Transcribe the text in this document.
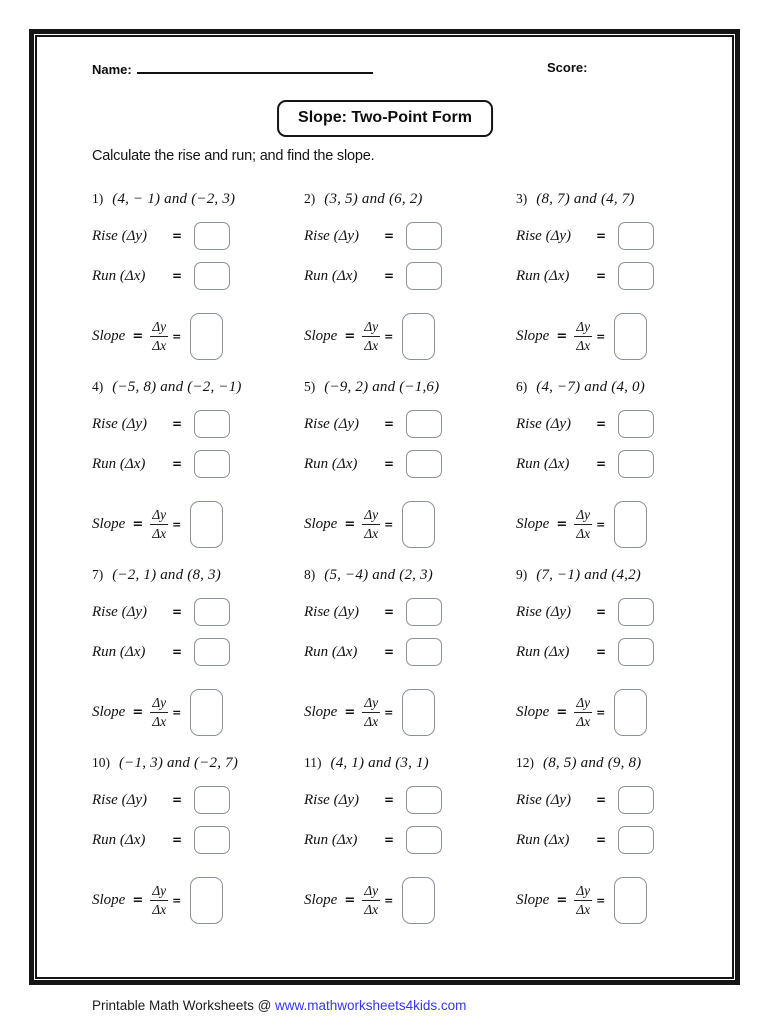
Name:	Score:
Slope: Two-Point Form
Calculate the rise and run; and find the slope.
1) (4, − 1) and (−2, 3)
Rise (Δy)	=
Run (Δx)	=
Slope = $\frac{\Delta y}{\Delta x}$ =
2) (3, 5) and (6, 2)
Rise (Δy)	=
Run (Δx)	=
Slope = $\frac{\Delta y}{\Delta x}$ =
3) (8, 7) and (4, 7)
Rise (Δy)	=
Run (Δx)	=
Slope = $\frac{\Delta y}{\Delta x}$ =
4) (−5, 8) and (−2, −1)
Rise (Δy)	=
Run (Δx)	=
Slope = $\frac{\Delta y}{\Delta x}$ =
5) (−9, 2) and (−1,6)
Rise (Δy)	=
Run (Δx)	=
Slope = $\frac{\Delta y}{\Delta x}$ =
6) (4, −7) and (4, 0)
Rise (Δy)	=
Run (Δx)	=
Slope = $\frac{\Delta y}{\Delta x}$ =
7) (−2, 1) and (8, 3)
Rise (Δy)	=
Run (Δx)	=
Slope = $\frac{\Delta y}{\Delta x}$ =
8) (5, −4) and (2, 3)
Rise (Δy)	=
Run (Δx)	=
Slope = $\frac{\Delta y}{\Delta x}$ =
9) (7, −1) and (4,2)
Rise (Δy)	=
Run (Δx)	=
Slope = $\frac{\Delta y}{\Delta x}$ =
10) (−1, 3) and (−2, 7)
Rise (Δy)	=
Run (Δx)	=
Slope = $\frac{\Delta y}{\Delta x}$ =
11) (4, 1) and (3, 1)
Rise (Δy)	=
Run (Δx)	=
Slope = $\frac{\Delta y}{\Delta x}$ =
12) (8, 5) and (9, 8)
Rise (Δy)	=
Run (Δx)	=
Slope = $\frac{\Delta y}{\Delta x}$ =
Printable Math Worksheets @ www.mathworksheets4kids.com
